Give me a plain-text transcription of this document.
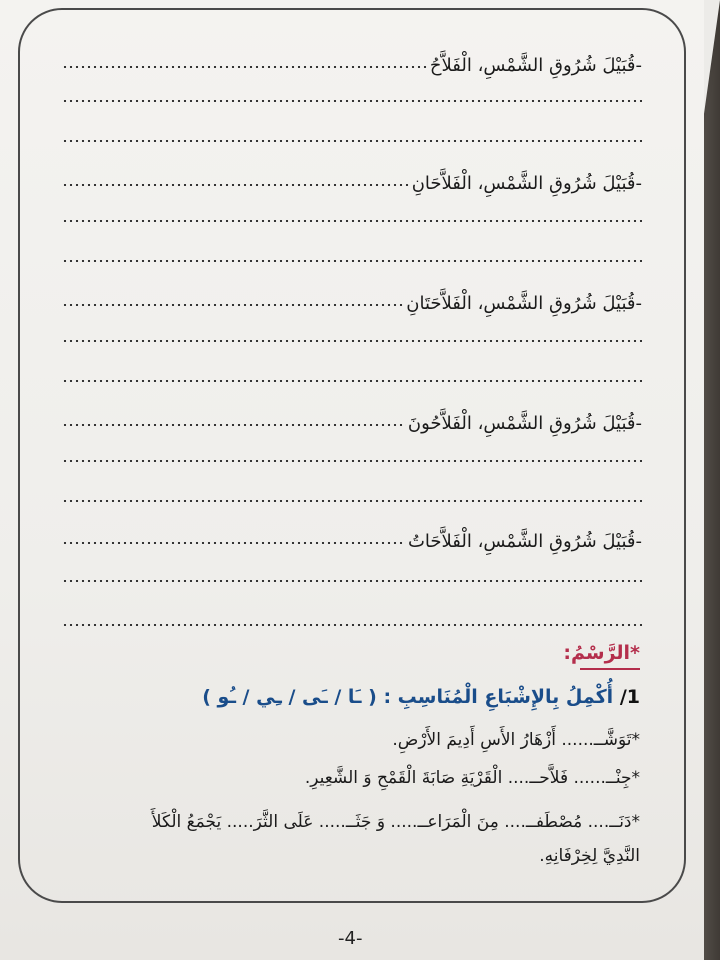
-قُبَيْلَ شُرُوقِ الشَّمْسِ، الْفَلاَّحُ
-قُبَيْلَ شُرُوقِ الشَّمْسِ، الْفَلاَّحَانِ
-قُبَيْلَ شُرُوقِ الشَّمْسِ، الْفَلاَّحَتَانِ
-قُبَيْلَ شُرُوقِ الشَّمْسِ، الْفَلاَّحُونَ
-قُبَيْلَ شُرُوقِ الشَّمْسِ، الْفَلاَّحَاتُ
*الرَّسْمُ:
1/ أُكْمِلُ بِالإِشْبَاعِ الْمُنَاسِبِ : ( ـَا / ـَى / ـِي / ـُو )
*تَوَشَّــ...... أَزْهَارُ الأَسِ أَدِيمَ الأَرْضِ.
*جِنْــ...... فَلاَّحــ.... الْقَرْيَةِ صَابَةَ الْقَمْحِ وَ الشَّعِيرِ.
*دَنَــ.... مُصْطَفــ.... مِنَ الْمَرَاعــ..... وَ جَثَــ..... عَلَى الثَّرَ..... يَجْمَعُ الْكَلأَ
النَّدِيَّ لِخِرْفَانِهِ.
-4-
